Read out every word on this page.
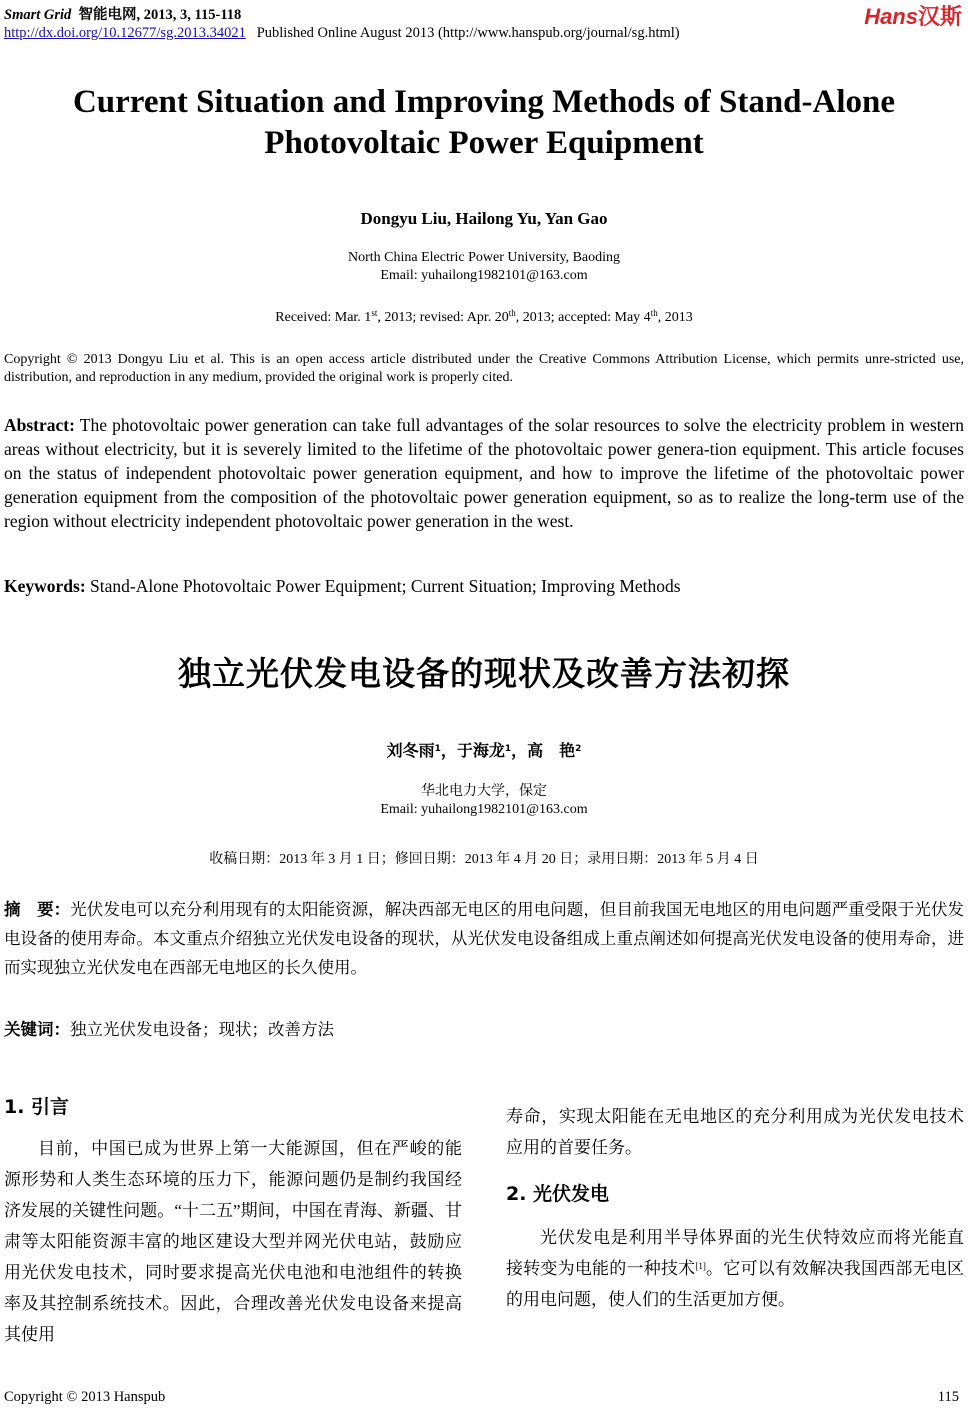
Smart Grid 智能电网, 2013, 3, 115-118
http://dx.doi.org/10.12677/sg.2013.34021 Published Online August 2013 (http://www.hanspub.org/journal/sg.html)
Hans汉斯
Current Situation and Improving Methods of Stand-Alone
Photovoltaic Power Equipment
Dongyu Liu, Hailong Yu, Yan Gao
North China Electric Power University, Baoding
Email: yuhailong1982101@163.com
Received: Mar. 1st, 2013; revised: Apr. 20th, 2013; accepted: May 4th, 2013
Copyright © 2013 Dongyu Liu et al. This is an open access article distributed under the Creative Commons Attribution License, which permits unre-stricted use, distribution, and reproduction in any medium, provided the original work is properly cited.
Abstract: The photovoltaic power generation can take full advantages of the solar resources to solve the electricity problem in western areas without electricity, but it is severely limited to the lifetime of the photovoltaic power genera-tion equipment. This article focuses on the status of independent photovoltaic power generation equipment, and how to improve the lifetime of the photovoltaic power generation equipment from the composition of the photovoltaic power generation equipment, so as to realize the long-term use of the region without electricity independent photovoltaic power generation in the west.
Keywords: Stand-Alone Photovoltaic Power Equipment; Current Situation; Improving Methods
独立光伏发电设备的现状及改善方法初探
刘冬雨$^1$，于海龙$^1$，高　艳$^2$
华北电力大学，保定
Email: yuhailong1982101@163.com
收稿日期：2013 年 3 月 1 日；修回日期：2013 年 4 月 20 日；录用日期：2013 年 5 月 4 日
摘　要：光伏发电可以充分利用现有的太阳能资源，解决西部无电区的用电问题，但目前我国无电地区的用电问题严重受限于光伏发电设备的使用寿命。本文重点介绍独立光伏发电设备的现状，从光伏发电设备组成上重点阐述如何提高光伏发电设备的使用寿命，进而实现独立光伏发电在西部无电地区的长久使用。
关键词：独立光伏发电设备；现状；改善方法
1. 引言
目前，中国已成为世界上第一大能源国，但在严峻的能源形势和人类生态环境的压力下，能源问题仍是制约我国经济发展的关键性问题。“十二五”期间，中国在青海、新疆、甘肃等太阳能资源丰富的地区建设大型并网光伏电站，鼓励应用光伏发电技术，同时要求提高光伏电池和电池组件的转换率及其控制系统技术。因此，合理改善光伏发电设备来提高其使用
寿命，实现太阳能在无电地区的充分利用成为光伏发电技术应用的首要任务。
2. 光伏发电
光伏发电是利用半导体界面的光生伏特效应而将光能直接转变为电能的一种技术[1]。它可以有效解决我国西部无电区的用电问题，使人们的生活更加方便。
Copyright © 2013 Hanspub	115
